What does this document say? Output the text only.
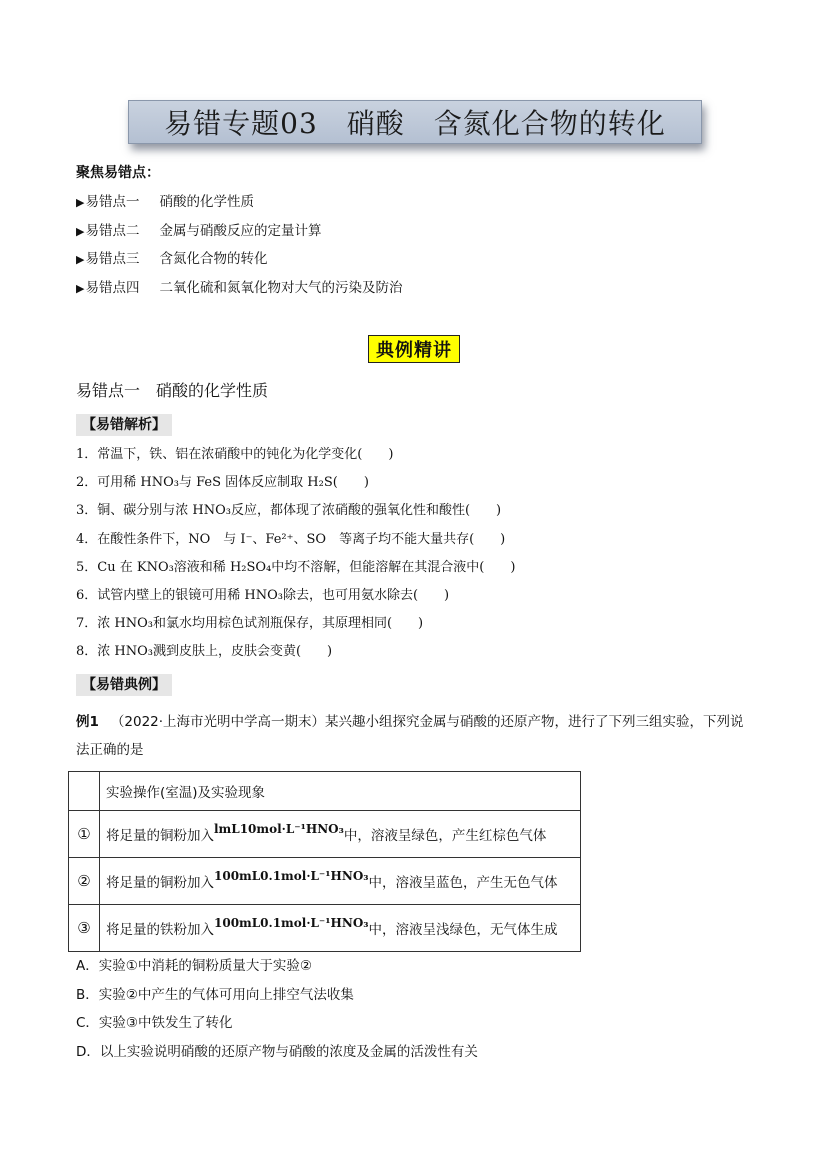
易错专题03　硝酸　含氮化合物的转化
聚焦易错点：
▶易错点一 硝酸的化学性质
▶易错点二 金属与硝酸反应的定量计算
▶易错点三 含氮化合物的转化
▶易错点四 二氧化硫和氮氧化物对大气的污染及防治
典例精讲
易错点一 硝酸的化学性质
【易错解析】
1．常温下，铁、铝在浓硝酸中的钝化为化学变化(　　)
2．可用稀 HNO₃与 FeS 固体反应制取 H₂S(　　)
3．铜、碳分别与浓 HNO₃反应，都体现了浓硝酸的强氧化性和酸性(　　)
4．在酸性条件下，NO　与 I⁻、Fe²⁺、SO　等离子均不能大量共存(　　)
5．Cu 在 KNO₃溶液和稀 H₂SO₄中均不溶解，但能溶解在其混合液中(　　)
6．试管内壁上的银镜可用稀 HNO₃除去，也可用氨水除去(　　)
7．浓 HNO₃和氯水均用棕色试剂瓶保存，其原理相同(　　)
8．浓 HNO₃溅到皮肤上，皮肤会变黄(　　)
【易错典例】
例1 （2022·上海市光明中学高一期末）某兴趣小组探究金属与硝酸的还原产物，进行了下列三组实验，下列说法正确的是
	实验操作(室温)及实验现象
①	将足量的铜粉加入lmL10mol·L⁻¹HNO₃中，溶液呈绿色，产生红棕色气体
②	将足量的铜粉加入100mL0.1mol·L⁻¹HNO₃中，溶液呈蓝色，产生无色气体
③	将足量的铁粉加入100mL0.1mol·L⁻¹HNO₃中，溶液呈浅绿色，无气体生成
A．实验①中消耗的铜粉质量大于实验②
B．实验②中产生的气体可用向上排空气法收集
C．实验③中铁发生了转化
D．以上实验说明硝酸的还原产物与硝酸的浓度及金属的活泼性有关
